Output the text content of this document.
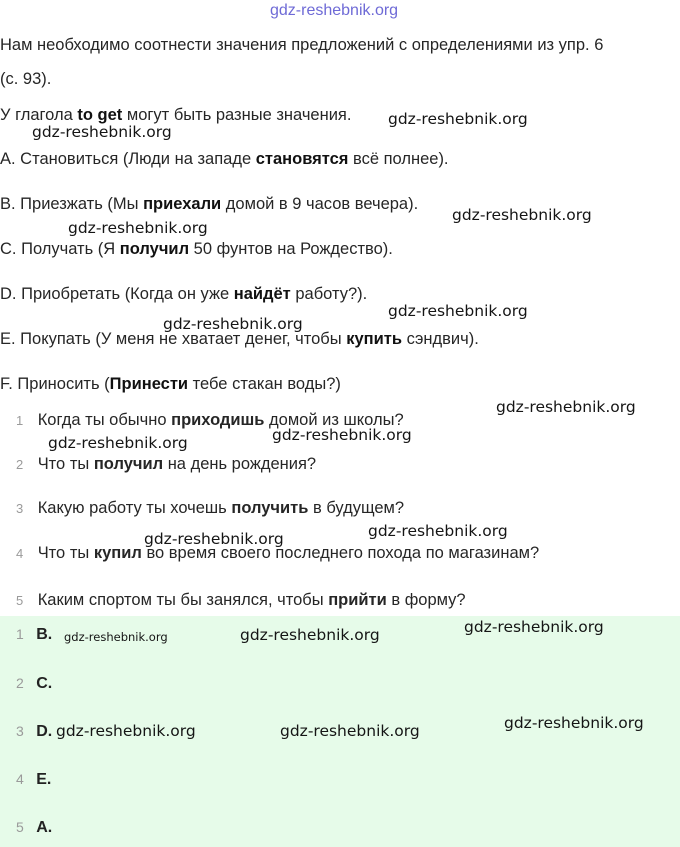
gdz-reshebnik.org
Нам необходимо соотнести значения предложений с определениями из упр. 6
(с. 93).
У глагола to get могут быть разные значения.
A. Становиться (Люди на западе становятся всё полнее).
B. Приезжать (Мы приехали домой в 9 часов вечера).
C. Получать (Я получил 50 фунтов на Рождество).
D. Приобретать (Когда он уже найдёт работу?).
E. Покупать (У меня не хватает денег, чтобы купить сэндвич).
F. Приносить (Принести тебе стакан воды?)
1 Когда ты обычно приходишь домой из школы?
2 Что ты получил на день рождения?
3 Какую работу ты хочешь получить в будущем?
4 Что ты купил во время своего последнего похода по магазинам?
5 Каким спортом ты бы занялся, чтобы прийти в форму?
1 B.
2 C.
3 D.
4 E.
5 A.
gdz-reshebnik.org
gdz-reshebnik.org
gdz-reshebnik.org
gdz-reshebnik.org
gdz-reshebnik.org
gdz-reshebnik.org
gdz-reshebnik.org
gdz-reshebnik.org
gdz-reshebnik.org
gdz-reshebnik.org
gdz-reshebnik.org
gdz-reshebnik.org
gdz-reshebnik.org
gdz-reshebnik.org
gdz-reshebnik.org
gdz-reshebnik.org	gdz-reshebnik.org
